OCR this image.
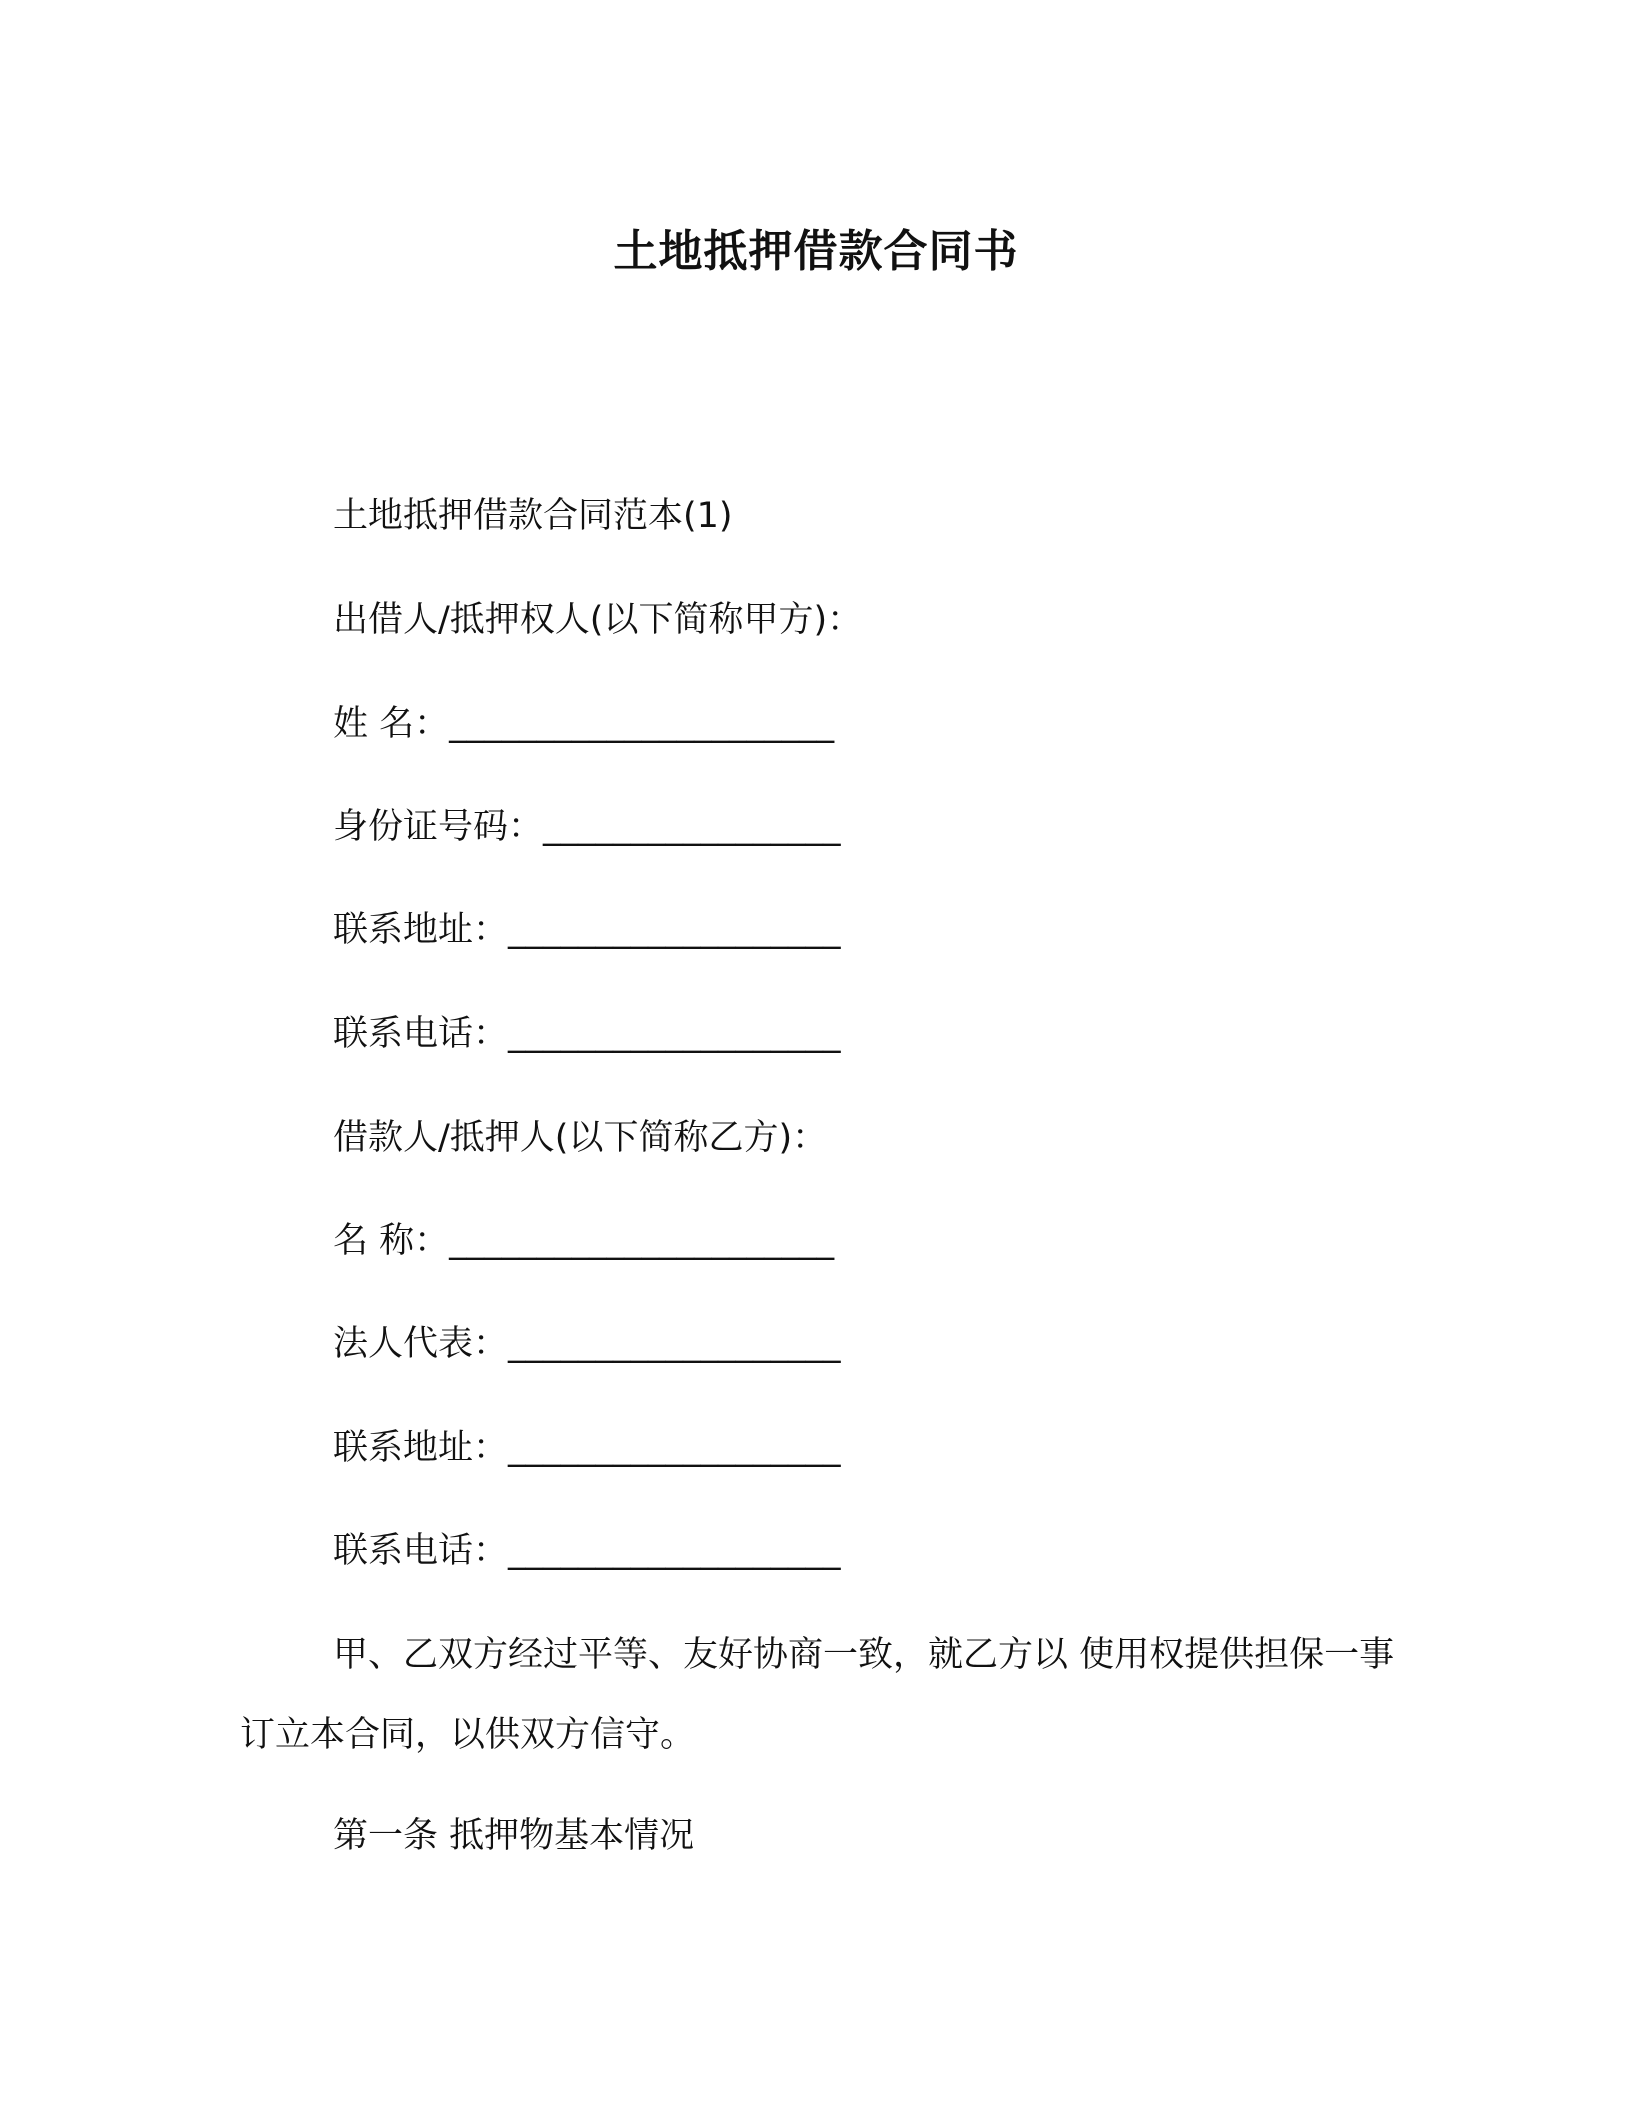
土地抵押借款合同书
土地抵押借款合同范本(1)
出借人/抵押权人(以下简称甲方)：
姓 名：______________________
身份证号码：_________________
联系地址：___________________
联系电话：___________________
借款人/抵押人(以下简称乙方)：
名 称：______________________
法人代表：___________________
联系地址：___________________
联系电话：___________________
甲、乙双方经过平等、友好协商一致，就乙方以 使用权提供担保一事订立本合同，以供双方信守。
第一条 抵押物基本情况
